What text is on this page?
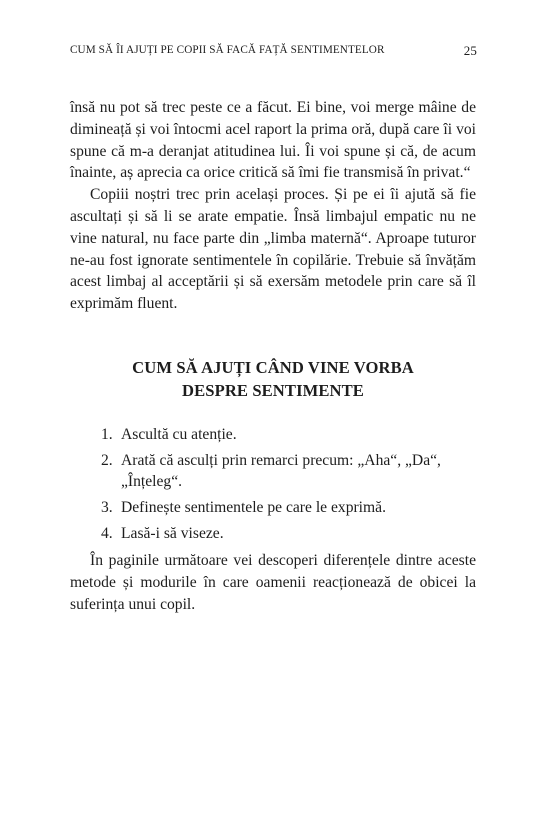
CUM SĂ ÎI AJUȚI PE COPII SĂ FACĂ FAȚĂ SENTIMENTELOR	25

însă nu pot să trec peste ce a făcut. Ei bine, voi merge mâine de dimineață și voi întocmi acel raport la prima oră, după care îi voi spune că m-a deranjat atitudinea lui. Îi voi spune și că, de acum înainte, aș aprecia ca orice critică să îmi fie transmisă în privat.“

Copiii noștri trec prin același proces. Și pe ei îi ajută să fie ascultați și să li se arate empatie. Însă limbajul empatic nu ne vine natural, nu face parte din „limba maternă“. Aproape tuturor ne-au fost ignorate sentimentele în copilărie. Trebuie să învățăm acest limbaj al acceptării și să exersăm metodele prin care să îl exprimăm fluent.

CUM SĂ AJUȚI CÂND VINE VORBA
DESPRE SENTIMENTE
1. Ascultă cu atenție.
2. Arată că asculți prin remarci precum: „Aha“, „Da“, „Înțeleg“.
3. Definește sentimentele pe care le exprimă.
4. Lasă-i să viseze.

În paginile următoare vei descoperi diferențele dintre aceste metode și modurile în care oamenii reacționează de obicei la suferința unui copil.
